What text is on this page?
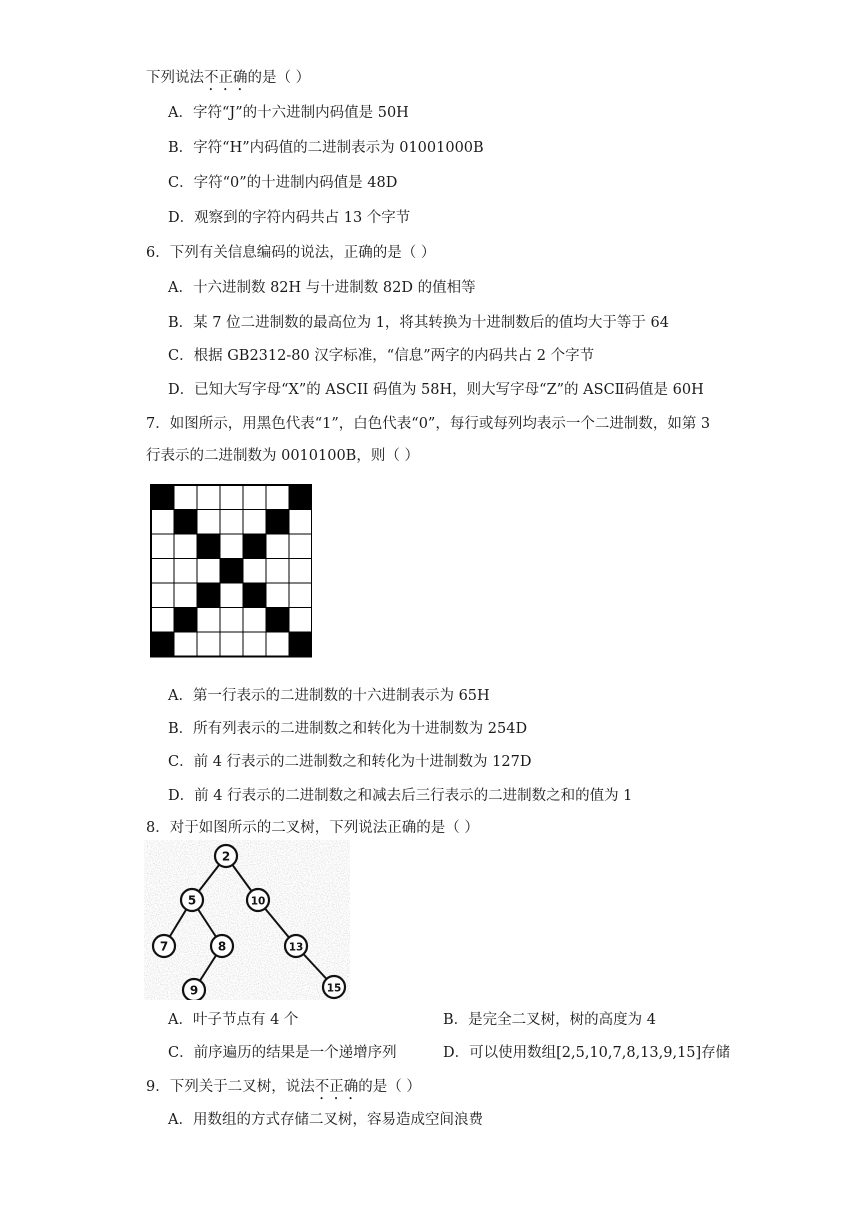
下列说法不正确的是（ ）
A．字符“J”的十六进制内码值是 50H
B．字符“H”内码值的二进制表示为 01001000B
C．字符“0”的十进制内码值是 48D
D．观察到的字符内码共占 13 个字节
6．下列有关信息编码的说法，正确的是（ ）
A．十六进制数 82H 与十进制数 82D 的值相等
B．某 7 位二进制数的最高位为 1，将其转换为十进制数后的值均大于等于 64
C．根据 GB2312-80 汉字标准，“信息”两字的内码共占 2 个字节
D．已知大写字母“X”的 ASCII 码值为 58H，则大写字母“Z”的 ASCⅡ码值是 60H
7．如图所示，用黑色代表“1”，白色代表“0”，每行或每列均表示一个二进制数，如第 3
行表示的二进制数为 0010100B，则（ ）
A．第一行表示的二进制数的十六进制表示为 65H
B．所有列表示的二进制数之和转化为十进制数为 254D
C．前 4 行表示的二进制数之和转化为十进制数为 127D
D．前 4 行表示的二进制数之和减去后三行表示的二进制数之和的值为 1
8．对于如图所示的二叉树，下列说法正确的是（ ）
2
5	10
7	8	13
9	15
A．叶子节点有 4 个	B．是完全二叉树，树的高度为 4
C．前序遍历的结果是一个递增序列	D．可以使用数组[2,5,10,7,8,13,9,15]存储
9．下列关于二叉树，说法不正确的是（ ）
A．用数组的方式存储二叉树，容易造成空间浪费
